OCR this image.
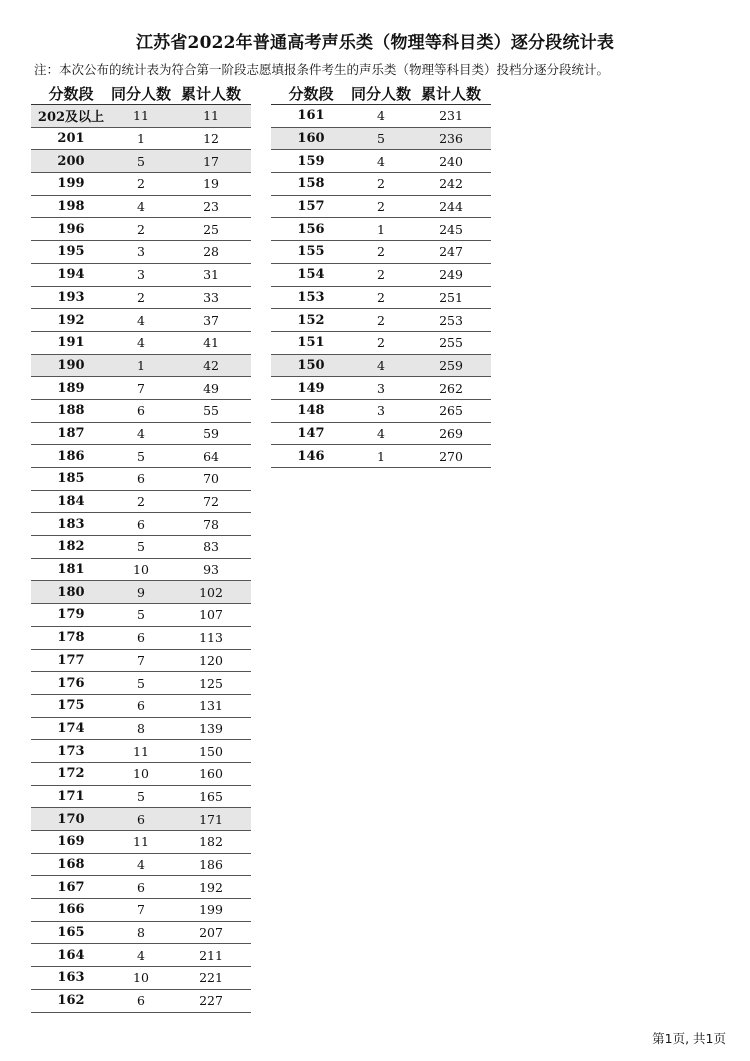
江苏省2022年普通高考声乐类（物理等科目类）逐分段统计表
注：本次公布的统计表为符合第一阶段志愿填报条件考生的声乐类（物理等科目类）投档分逐分段统计。
分数段	同分人数	累计人数
202及以上	11	11
201	1	12
200	5	17
199	2	19
198	4	23
196	2	25
195	3	28
194	3	31
193	2	33
192	4	37
191	4	41
190	1	42
189	7	49
188	6	55
187	4	59
186	5	64
185	6	70
184	2	72
183	6	78
182	5	83
181	10	93
180	9	102
179	5	107
178	6	113
177	7	120
176	5	125
175	6	131
174	8	139
173	11	150
172	10	160
171	5	165
170	6	171
169	11	182
168	4	186
167	6	192
166	7	199
165	8	207
164	4	211
163	10	221
162	6	227
分数段	同分人数	累计人数
161	4	231
160	5	236
159	4	240
158	2	242
157	2	244
156	1	245
155	2	247
154	2	249
153	2	251
152	2	253
151	2	255
150	4	259
149	3	262
148	3	265
147	4	269
146	1	270
第1页, 共1页
